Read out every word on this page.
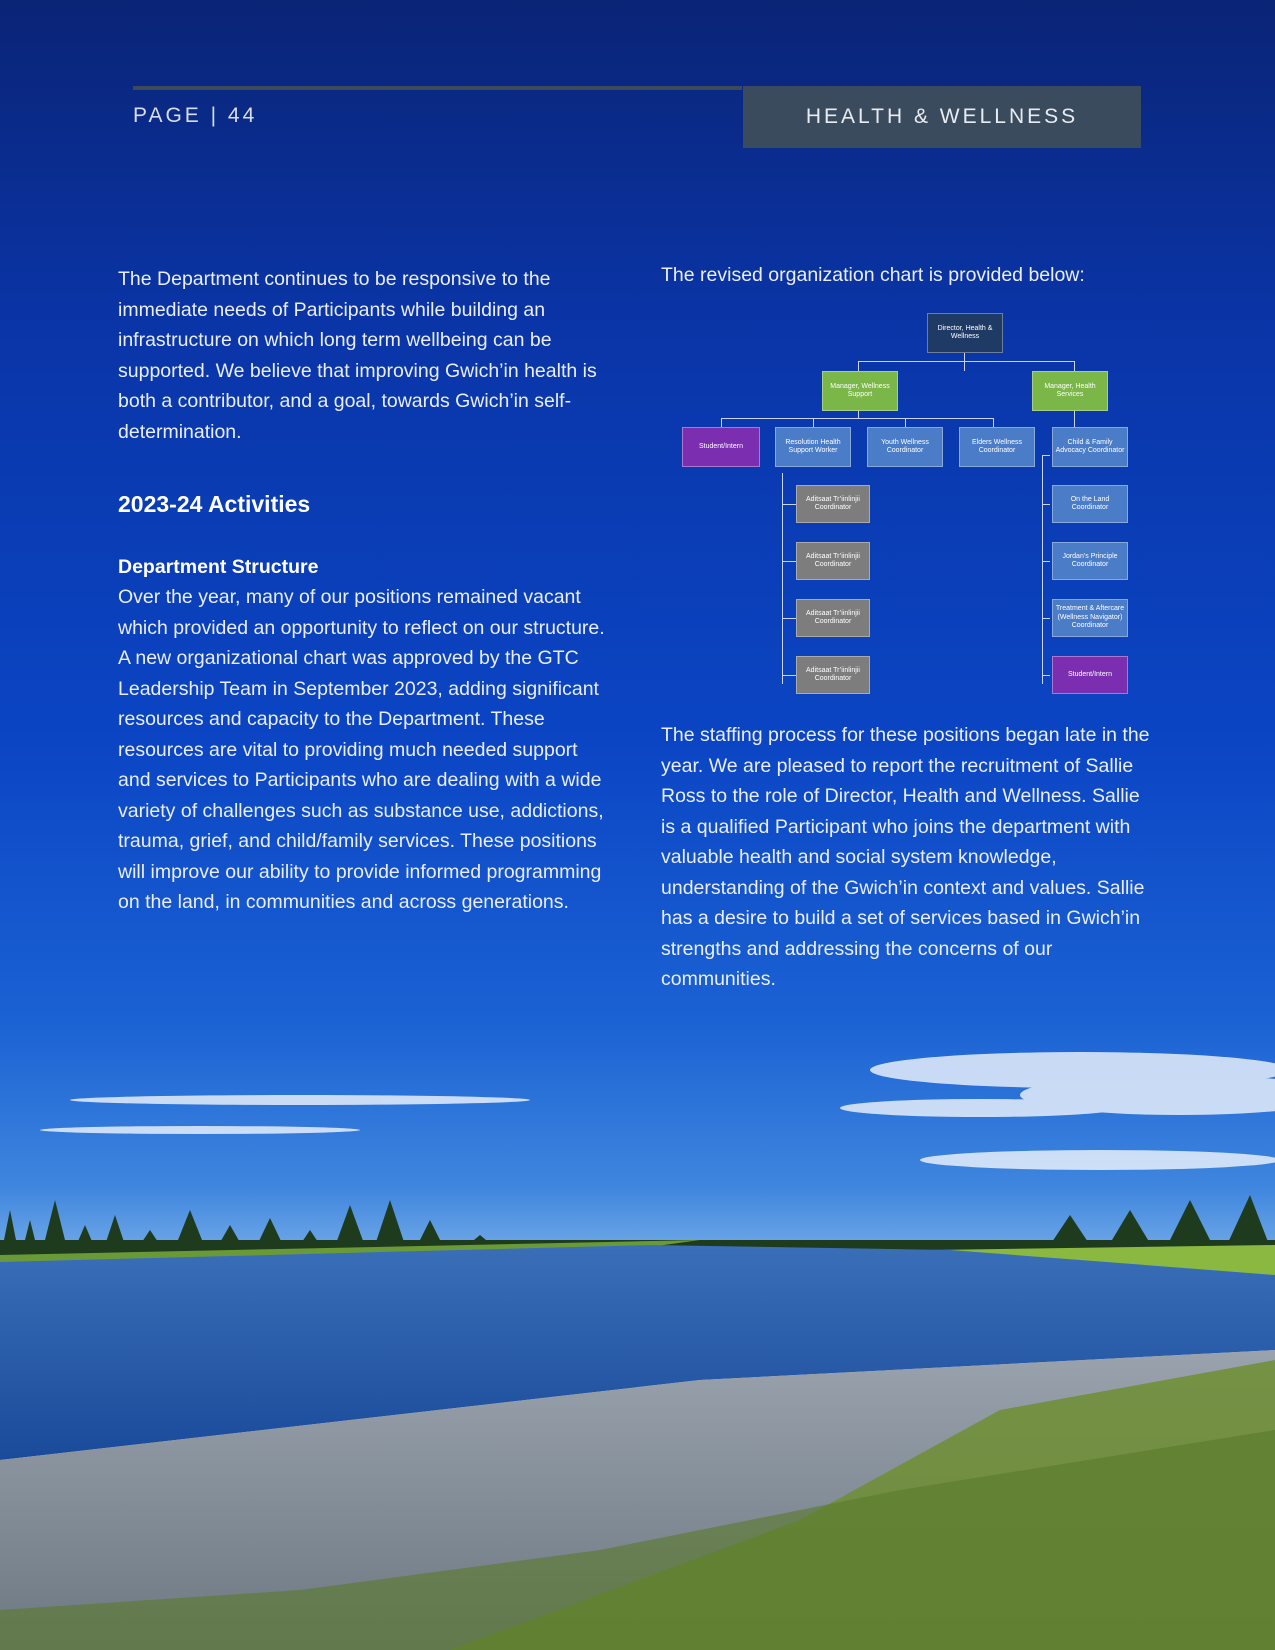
PAGE | 44	HEALTH & WELLNESS

The Department continues to be responsive to the immediate needs of Participants while building an infrastructure on which long term wellbeing can be supported. We believe that improving Gwich’in health is both a contributor, and a goal, towards Gwich’in self-determination.

2023-24 Activities

Department Structure

Over the year, many of our positions remained vacant which provided an opportunity to reflect on our structure. A new organizational chart was approved by the GTC Leadership Team in September 2023, adding significant resources and capacity to the Department. These resources are vital to providing much needed support and services to Participants who are dealing with a wide variety of challenges such as substance use, addictions, trauma, grief, and child/family services. These positions will improve our ability to provide informed programming on the land, in communities and across generations.

The revised organization chart is provided below:
Director, Health & Wellness
Manager, Wellness Support
Manager, Health Services
Student/Intern
Resolution Health Support Worker
Youth Wellness Coordinator
Elders Wellness Coordinator
Child & Family Advocacy Coordinator
Aditsaat Tr’iinlinjii Coordinator
Aditsaat Tr’iinlinjii Coordinator
Aditsaat Tr’iinlinjii Coordinator
Aditsaat Tr’iinlinjii Coordinator
On the Land Coordinator
Jordan’s Principle Coordinator
Treatment & Aftercare (Wellness Navigator) Coordinator
Student/Intern

The staffing process for these positions began late in the year. We are pleased to report the recruitment of Sallie Ross to the role of Director, Health and Wellness. Sallie is a qualified Participant who joins the department with valuable health and social system knowledge, understanding of the Gwich’in context and values. Sallie has a desire to build a set of services based in Gwich’in strengths and addressing the concerns of our communities.
